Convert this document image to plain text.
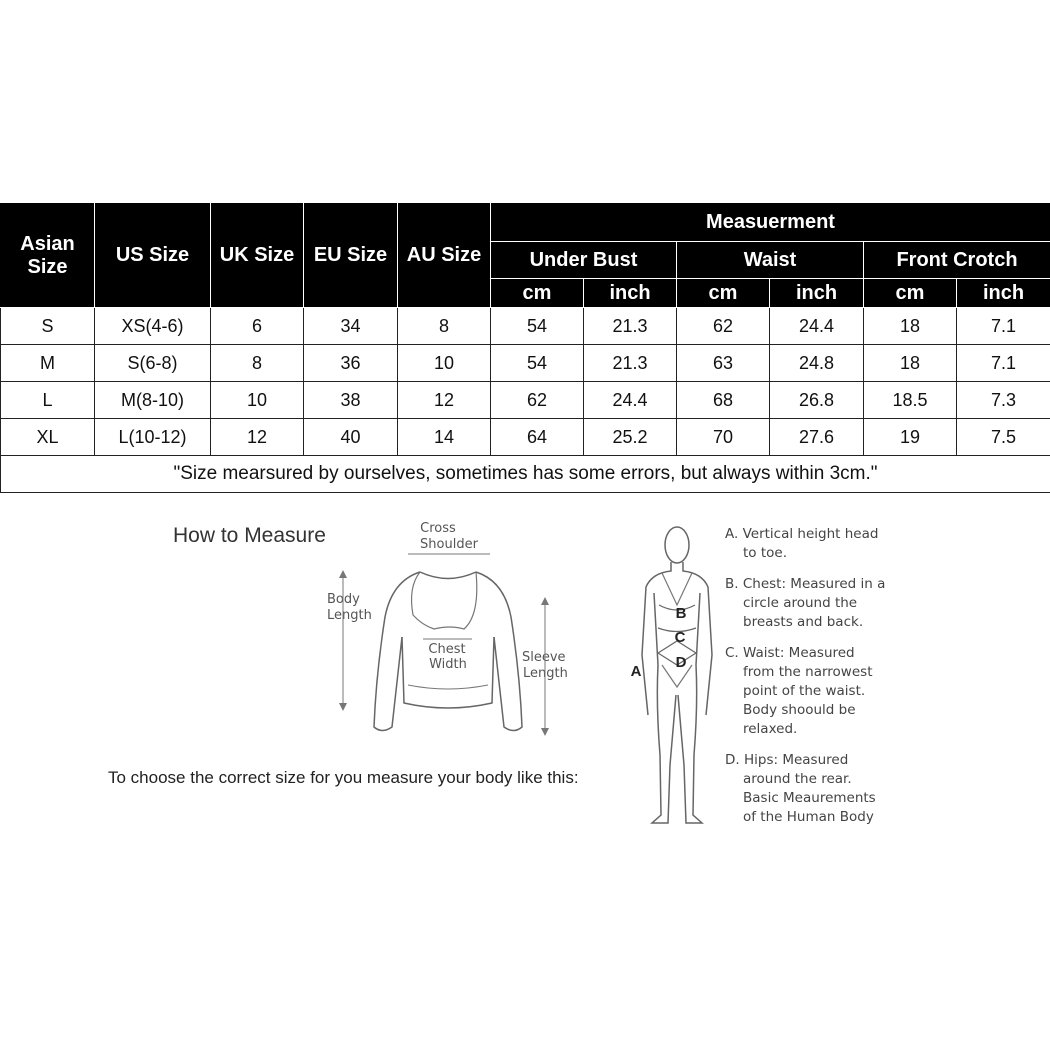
Asian
Size	US Size	UK Size	EU Size	AU Size	Measuerment					
					Under Bust		Waist		Front Crotch	
					cm	inch	cm	inch	cm	inch
S	XS(4-6)	6	34	8	54	21.3	62	24.4	18	7.1
M	S(6-8)	8	36	10	54	21.3	63	24.8	18	7.1
L	M(8-10)	10	38	12	62	24.4	68	26.8	18.5	7.3
XL	L(10-12)	12	40	14	64	25.2	70	27.6	19	7.5
"Size mearsured by ourselves, sometimes has some errors, but always within 3cm."										
How to Measure	Cross
Shoulder
Body
Length
Chest
Width	Sleeve
Length
To choose the correct size for you measure your body like this:
B
C
D
A
A. Vertical height head
to toe.
B. Chest: Measured in a
circle around the
breasts and back.
C. Waist: Measured
from the narrowest
point of the waist.
Body shoould be
relaxed.
D. Hips: Measured
around the rear.
Basic Meaurements
of the Human Body
